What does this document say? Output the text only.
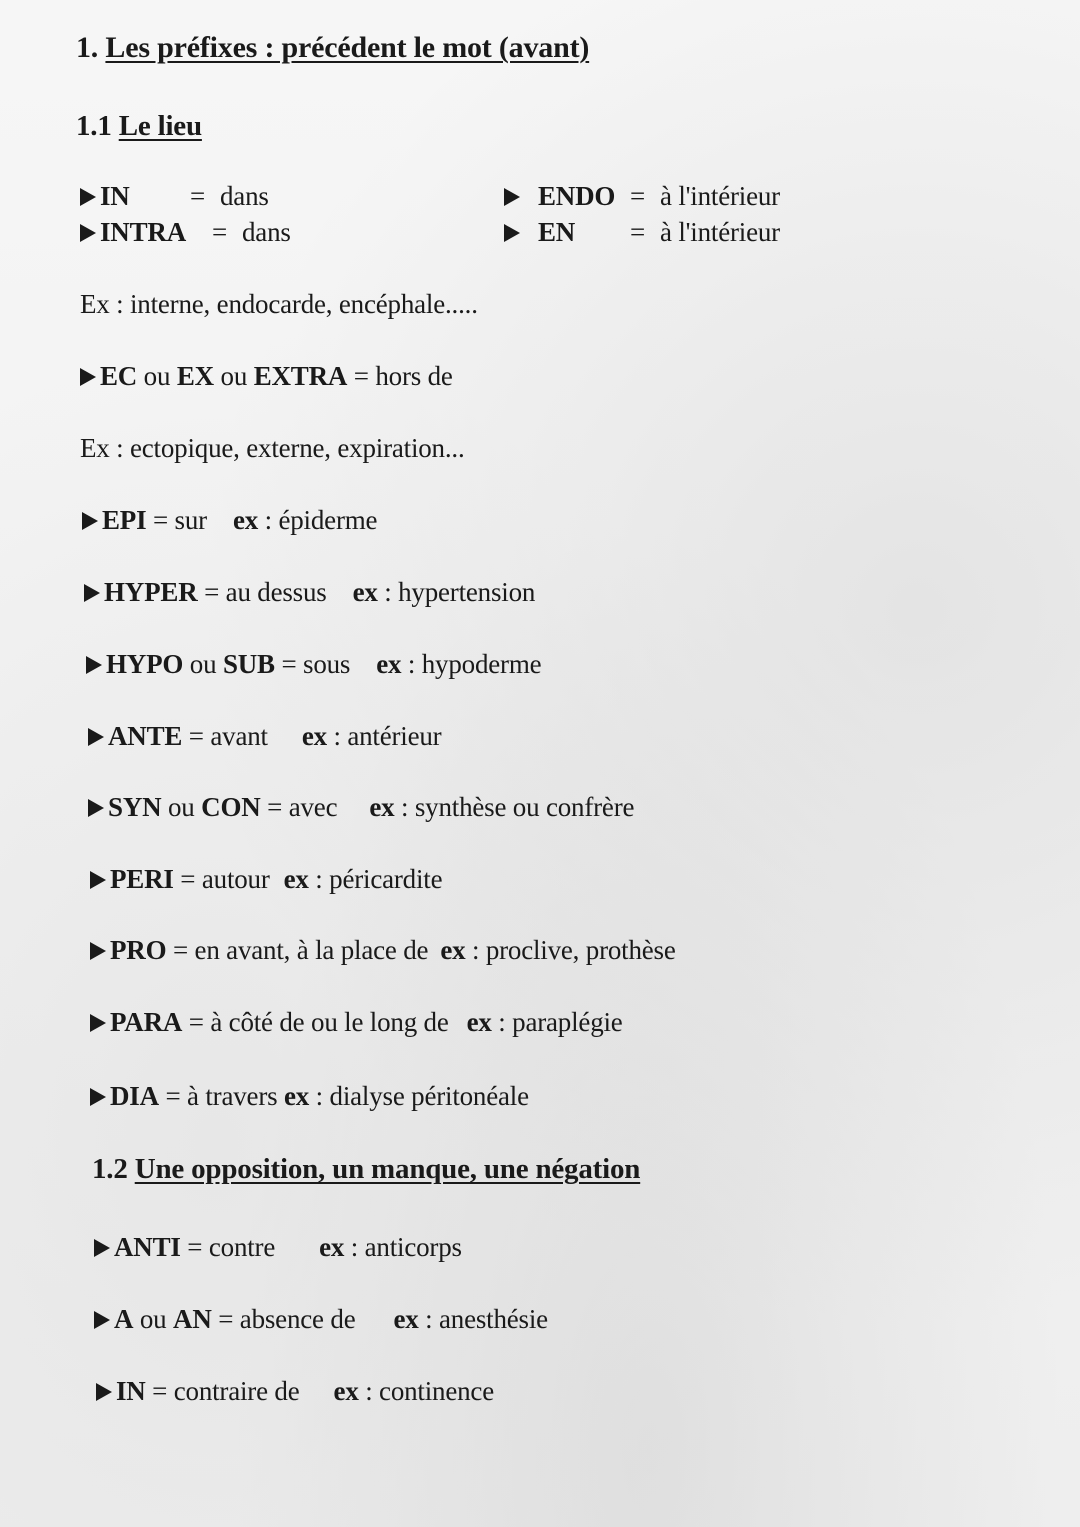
1. Les préfixes : précédent le mot (avant)
1.1 Le lieu
IN = dans
INTRA = dans
ENDO = à l'intérieur
EN = à l'intérieur
Ex : interne, endocarde, encéphale.....
EC ou EX ou EXTRA = hors de
Ex : ectopique, externe, expiration...
EPI = sur ex : épiderme
HYPER = au dessus ex : hypertension
HYPO ou SUB = sous ex : hypoderme
ANTE = avant ex : antérieur
SYN ou CON = avec ex : synthèse ou confrère
PERI = autour ex : péricardite
PRO = en avant, à la place de ex : proclive, prothèse
PARA = à côté de ou le long de ex : paraplégie
DIA = à travers ex : dialyse péritonéale
1.2 Une opposition, un manque, une négation
ANTI = contre ex : anticorps
A ou AN = absence de ex : anesthésie
IN = contraire de ex : continence
